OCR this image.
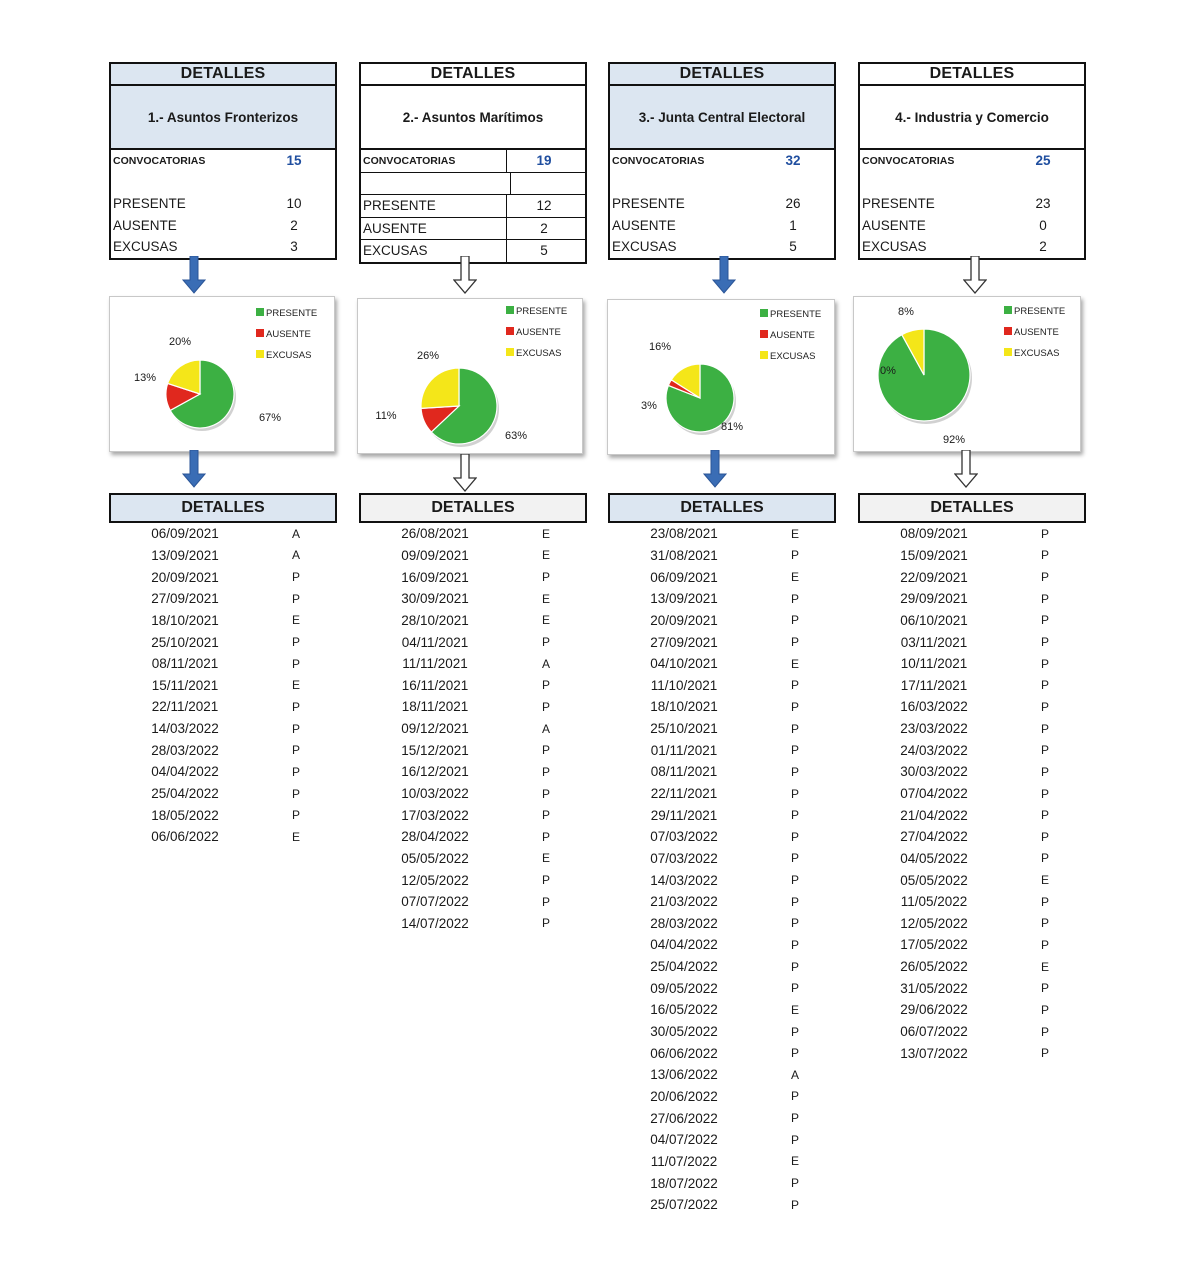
DETALLES
1.- Asuntos Fronterizos
CONVOCATORIAS	15
PRESENTE	10
AUSENTE	2
EXCUSAS	3
DETALLES
2.- Asuntos Marítimos
CONVOCATORIAS	19
PRESENTE	12
AUSENTE	2
EXCUSAS	5
DETALLES
3.- Junta Central Electoral
CONVOCATORIAS	32
PRESENTE	26
AUSENTE	1
EXCUSAS	5
DETALLES
4.- Industria y Comercio
CONVOCATORIAS	25
PRESENTE	23
AUSENTE	0
EXCUSAS	2
67%
13%
20%
PRESENTE
AUSENTE
EXCUSAS
63%
11%
26%
PRESENTE
AUSENTE
EXCUSAS
81%
3%
16%
PRESENTE
AUSENTE
EXCUSAS
92%
0%
8%	PRESENTE
AUSENTE
EXCUSAS
DETALLES	DETALLES	DETALLES	DETALLES
06/09/2021	A
13/09/2021	A
20/09/2021	P
27/09/2021	P
18/10/2021	E
25/10/2021	P
08/11/2021	P
15/11/2021	E
22/11/2021	P
14/03/2022	P
28/03/2022	P
04/04/2022	P
25/04/2022	P
18/05/2022	P
06/06/2022	E
26/08/2021	E
09/09/2021	E
16/09/2021	P
30/09/2021	E
28/10/2021	E
04/11/2021	P
11/11/2021	A
16/11/2021	P
18/11/2021	P
09/12/2021	A
15/12/2021	P
16/12/2021	P
10/03/2022	P
17/03/2022	P
28/04/2022	P
05/05/2022	E
12/05/2022	P
07/07/2022	P
14/07/2022	P
23/08/2021	E
31/08/2021	P
06/09/2021	E
13/09/2021	P
20/09/2021	P
27/09/2021	P
04/10/2021	E
11/10/2021	P
18/10/2021	P
25/10/2021	P
01/11/2021	P
08/11/2021	P
22/11/2021	P
29/11/2021	P
07/03/2022	P
07/03/2022	P
14/03/2022	P
21/03/2022	P
28/03/2022	P
04/04/2022	P
25/04/2022	P
09/05/2022	P
16/05/2022	E
30/05/2022	P
06/06/2022	P
13/06/2022	A
20/06/2022	P
27/06/2022	P
04/07/2022	P
11/07/2022	E
18/07/2022	P
25/07/2022	P
08/09/2021	P
15/09/2021	P
22/09/2021	P
29/09/2021	P
06/10/2021	P
03/11/2021	P
10/11/2021	P
17/11/2021	P
16/03/2022	P
23/03/2022	P
24/03/2022	P
30/03/2022	P
07/04/2022	P
21/04/2022	P
27/04/2022	P
04/05/2022	P
05/05/2022	E
11/05/2022	P
12/05/2022	P
17/05/2022	P
26/05/2022	E
31/05/2022	P
29/06/2022	P
06/07/2022	P
13/07/2022	P
